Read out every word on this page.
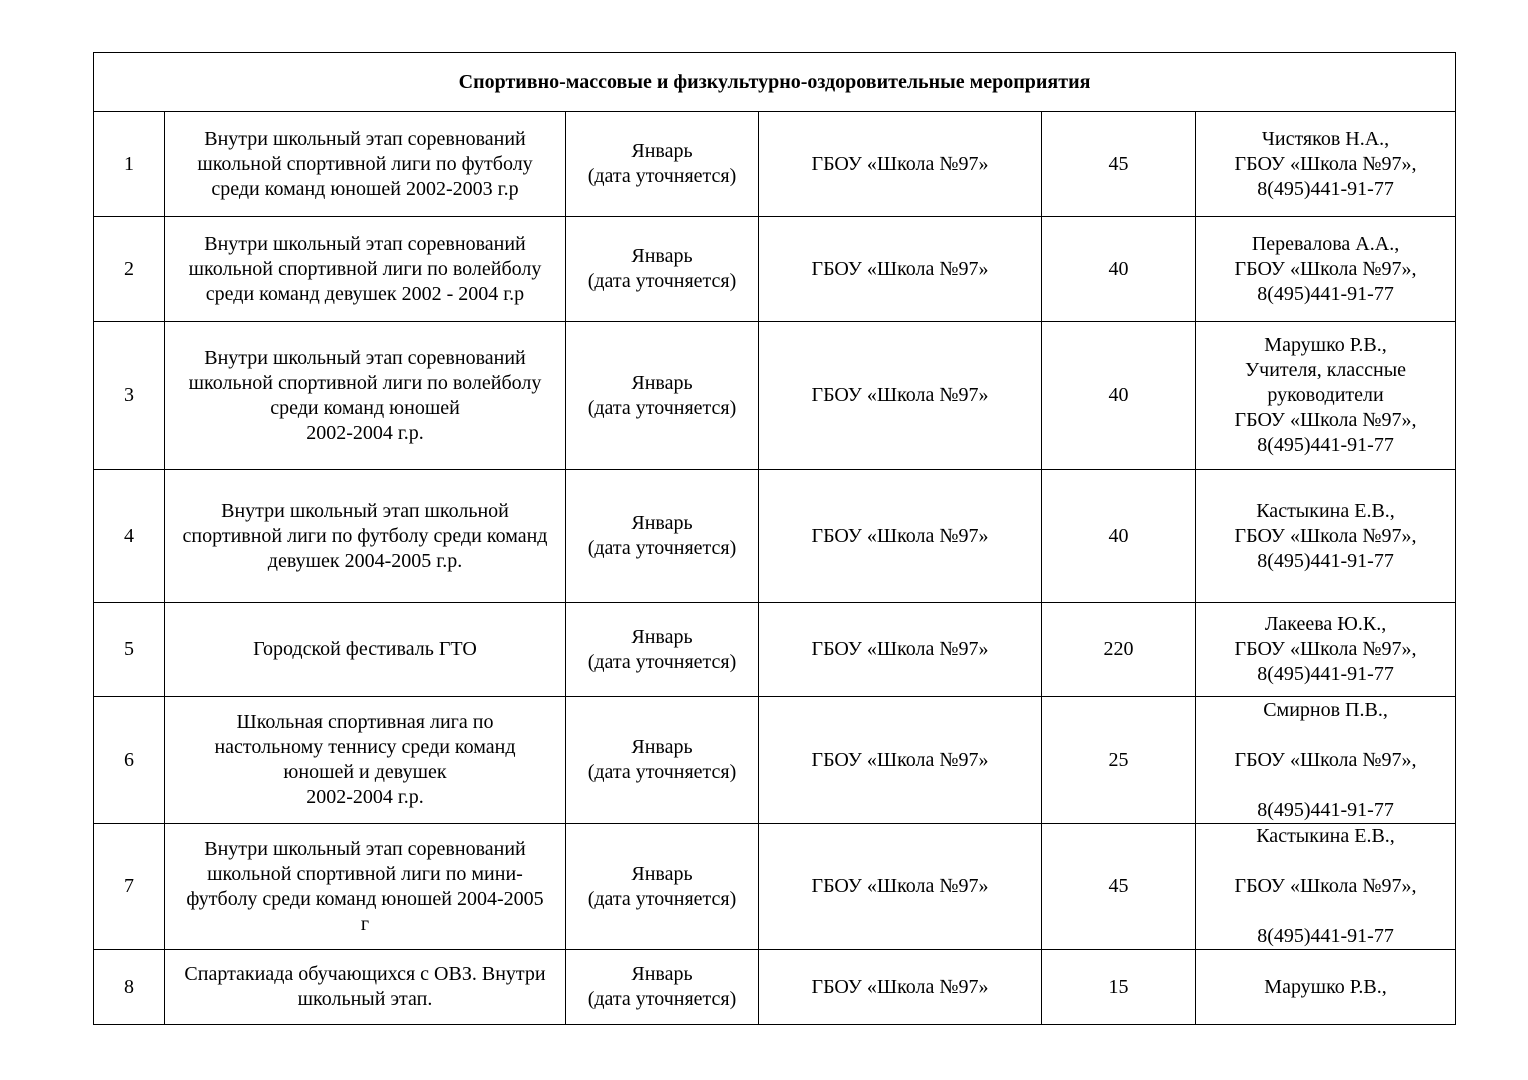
Спортивно-массовые и физкультурно-оздоровительные мероприятия					
1	Внутри школьный этап соревнований
школьной спортивной лиги по футболу
среди команд юношей 2002-2003 г.р	Январь
(дата уточняется)	ГБОУ «Школа №97»	45	Чистяков Н.А.,
ГБОУ «Школа №97»,
8(495)441-91-77
2	Внутри школьный этап соревнований
школьной спортивной лиги по волейболу
среди команд девушек 2002 - 2004 г.р	Январь
(дата уточняется)	ГБОУ «Школа №97»	40	Перевалова А.А.,
ГБОУ «Школа №97»,
8(495)441-91-77
3	Внутри школьный этап соревнований
школьной спортивной лиги по волейболу
среди команд юношей
2002-2004 г.р.	Январь
(дата уточняется)	ГБОУ «Школа №97»	40	Марушко Р.В.,
Учителя, классные
руководители
ГБОУ «Школа №97»,
8(495)441-91-77
4	Внутри школьный этап школьной
спортивной лиги по футболу среди команд
девушек 2004-2005 г.р.	Январь
(дата уточняется)	ГБОУ «Школа №97»	40	Кастыкина Е.В.,
ГБОУ «Школа №97»,
8(495)441-91-77
5	Городской фестиваль ГТО	Январь
(дата уточняется)	ГБОУ «Школа №97»	220	Лакеева Ю.К.,
ГБОУ «Школа №97»,
8(495)441-91-77
6	Школьная спортивная лига по
настольному теннису среди команд
юношей и девушек
2002-2004 г.р.	Январь
(дата уточняется)	ГБОУ «Школа №97»	25	Смирнов П.В.,

ГБОУ «Школа №97»,

8(495)441-91-77
7	Внутри школьный этап соревнований
школьной спортивной лиги по мини-
футболу среди команд юношей 2004-2005
г	Январь
(дата уточняется)	ГБОУ «Школа №97»	45	Кастыкина Е.В.,

ГБОУ «Школа №97»,

8(495)441-91-77
8	Спартакиада обучающихся с ОВЗ. Внутри
школьный этап.	Январь
(дата уточняется)	ГБОУ «Школа №97»	15	Марушко Р.В.,
